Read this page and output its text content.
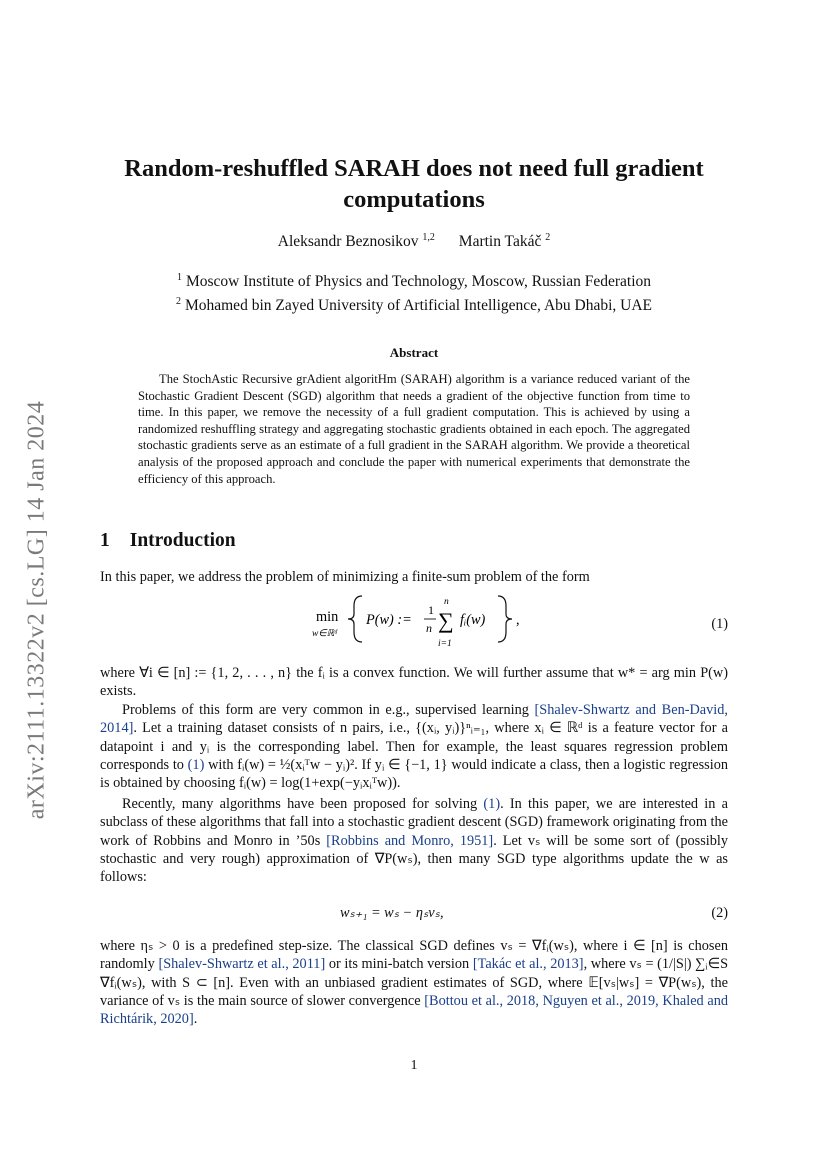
arXiv:2111.13322v2 [cs.LG] 14 Jan 2024
Random-reshuffled SARAH does not need full gradient computations
Aleksandr Beznosikov $^{1,2}$ Martin Takáč $^2$
$^1$ Moscow Institute of Physics and Technology, Moscow, Russian Federation
$^2$ Mohamed bin Zayed University of Artificial Intelligence, Abu Dhabi, UAE
Abstract
The StochAstic Recursive grAdient algoritHm (SARAH) algorithm is a variance reduced variant of the Stochastic Gradient Descent (SGD) algorithm that needs a gradient of the objective function from time to time. In this paper, we remove the necessity of a full gradient computation. This is achieved by using a randomized reshuffling strategy and aggregating stochastic gradients obtained in each epoch. The aggregated stochastic gradients serve as an estimate of a full gradient in the SARAH algorithm. We provide a theoretical analysis of the proposed approach and conclude the paper with numerical experiments that demonstrate the efficiency of this approach.
1 Introduction
In this paper, we address the problem of minimizing a finite-sum problem of the form
min
w∈ℝᵈ
P(w) :=
1
n
n
∑
i=1
fᵢ(w) ,	(1)
where ∀i ∈ [n] := {1, 2, . . . , n} the fᵢ is a convex function. We will further assume that w* = arg min P(w) exists.
Problems of this form are very common in e.g., supervised learning [Shalev-Shwartz and Ben-David, 2014]. Let a training dataset consists of n pairs, i.e., {(xᵢ, yᵢ)}ⁿᵢ₌₁, where xᵢ ∈ ℝᵈ is a feature vector for a datapoint i and yᵢ is the corresponding label. Then for example, the least squares regression problem corresponds to (1) with fᵢ(w) = ½(xᵢᵀw − yᵢ)². If yᵢ ∈ {−1, 1} would indicate a class, then a logistic regression is obtained by choosing fᵢ(w) = log(1+exp(−yᵢxᵢᵀw)).
Recently, many algorithms have been proposed for solving (1). In this paper, we are interested in a subclass of these algorithms that fall into a stochastic gradient descent (SGD) framework originating from the work of Robbins and Monro in ’50s [Robbins and Monro, 1951]. Let vₛ will be some sort of (possibly stochastic and very rough) approximation of ∇P(wₛ), then many SGD type algorithms update the w as follows:
wₛ₊₁ = wₛ − ηₛvₛ,	(2)
where ηₛ > 0 is a predefined step-size. The classical SGD defines vₛ = ∇fᵢ(wₛ), where i ∈ [n] is chosen randomly [Shalev-Shwartz et al., 2011] or its mini-batch version [Takác et al., 2013], where vₛ = (1/|S|) ∑ᵢ∈S ∇fᵢ(wₛ), with S ⊂ [n]. Even with an unbiased gradient estimates of SGD, where 𝔼[vₛ|wₛ] = ∇P(wₛ), the variance of vₛ is the main source of slower convergence [Bottou et al., 2018, Nguyen et al., 2019, Khaled and Richtárik, 2020].
1
